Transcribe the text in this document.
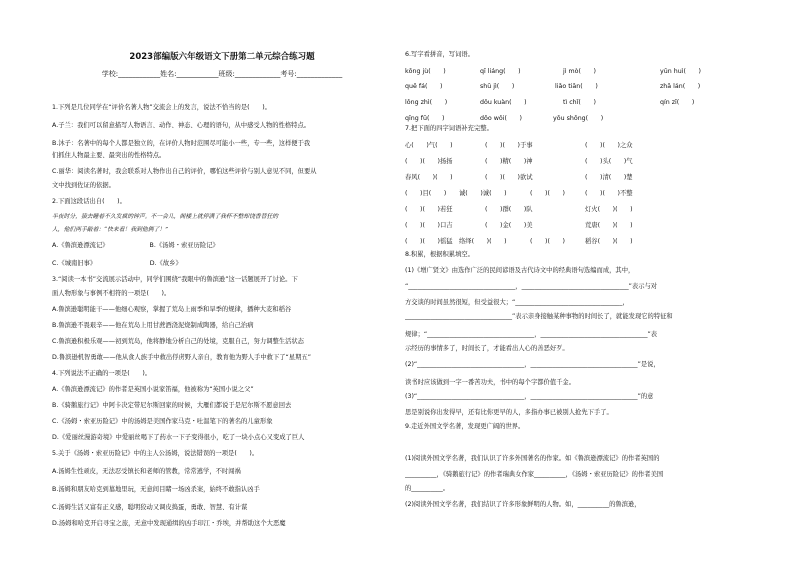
2023部编版六年级语文下册第二单元综合练习题
学校:____________姓名:____________班级:_____________考号:_____________
1.下列是几位同学在“评价名著人物”交流会上的发言，说法不恰当的是(　　)。
A.子兰：我们可以留意描写人物语言、动作、神态、心理的语句，从中感受人物的性格特点。
B.沐子：名著中的每个人都是独立的，在评价人物时范围尽可能小一些，专一些，这样便于我
们抓住人物最主要、最突出的性格特点。
C.丽华：阅读名著时，我会联系对人物作出自己的评价，哪怕这些评价与别人意见不同，但要从
文中找到佐证的依据。
2.下面这段话出自(　　)。
半夜时分，猿去睡着不久发疯的钟声。不一会儿，阁楼上就停满了我杯不整却饶香替狂的
人，他们两手敲着：“快来看！我到他俩了！”
A.《鲁滨逊漂流记》　　　　　　　B.《汤姆・索亚历险记》
C.《城南旧事》　　　　　　　　　D.《故乡》
3.“阅读一本书”交流展示活动中，同学们围绕“我眼中的鲁滨逊”这一话题展开了讨论。下
面人物形象与事例不相符的一项是(　　)。
A.鲁滨逊聪明能干——他细心观察，掌握了荒岛上雨季和旱季的规律，播种大麦和稻谷
B.鲁滨逊不畏艰辛——他在荒岛上用甘蔗酒浇泥烧制成陶器，给自己治病
C.鲁滨逊积极乐观——初到荒岛，他将静地分析自己的处境，克服自己，努力调整生活状态
D.鲁滨逊机智勇敢——他从食人族手中救出俘虏野人亲自，教育他为野人手中救下了“星期五”
4.下列说法不正确的一项是(　　)。
A.《鲁滨逊漂流记》的作者是英国小说家笛福，他被称为“英国小说之父”
B.《骑鹅旅行记》中阿卡决定带尼尔斯回家的时候，大雁们都说于是尼尔斯不愿意回去
C.《汤姆・索亚历险记》中的汤姆是美国作家马克・吐温笔下的著名的儿童形象
D.《爱丽丝漫游奇境》中爱丽丝喝下了药水一下子变得很小，吃了一块小点心又变成了巨人
5.关于《汤姆・索亚历险记》中的主人公汤姆，说法错误的一项是(　　)。
A.汤姆生性顽皮，无法忍受镇长和老师的管教，常常逃学，不时闯祸
B.汤姆和朋友哈克到墓地里玩，无意间目睹一场凶杀案，始终不敢指认凶手
C.汤姆生活又富有正义感，聪明狡动又调皮捣蛋，勇敢、智慧、有计谋
D.汤姆和哈克开启寻宝之旅，无意中发现通缉的凶手印江・乔埃，并帮助这个大恶魔
6.写字看拼音，写词语。
kōng jù(　　)	qī liáng(　　)	jì mò(　　)	yūn huì(　　)
quē fá(　　)	shū jì(　　)	liǎo tiān(　　)	zhā lán(　　)
lǒng zhì(　　)	dǒu kuàn(　　)	tì chǐ(　　)	qín zī(　　)
qīng fū(　　)	dōo wǒi(　　)	yōu shōng(　　)
7.把下面的四字词语补充完整。
心(　　)气(　　)	(　　)(　　)于事	(　　)(　　)之众
(　　)(　　)扬扬	(　　)精(　　)神	(　　)头(　　)气
春风(　　)(　　)	(　　)(　　)欲试	(　　)清(　　)楚
(　　)目(　　) 诚(　　)诚(　　)	(　　)(　　)	(　　)(　　)不整
(　　)(　　)若狂	(　　)群(　　)队	灯火(　　)(　　)
(　　)(　　)口吉	(　　)金(　　)美	荒唐(　　)(　　)
(　　)(　　)徭猛 络绎(　　)(　　)	(　　)(　　)	稻谷(　　)(　　)
8.积累，根据积累填空。
(1)《增广贤文》由选作广泛的民间谚语及古代诗文中的经典语句选编而成，其中，
“__________________________________，__________________________________”表示与对
方交谈的时间虽然很短，但受益很大；“__________________________________，
__________________________________”表示亲身接触某种事物的时间长了，就能发现它的特征和
规律；“__________________________________，__________________________________”表
示经历的事情多了，时间长了，才能看出人心的善恶好歹。
(2)“__________________________________，__________________________________”是说，
读书时应该做到一字一番苦功夫，书中的每个字都价值千金。
(3)“__________________________________，__________________________________”的意
思是别说你出发得早，还有比你更早的人，多指办事已被别人抢先下手了。
9.走近外国文学名著，发现更广阔的世界。
(1)阅读外国文学名著，我们认识了许多外国著名的作家。如《鲁滨逊漂流记》的作者英国的
__________，《骑鹅旅行记》的作者瑞典女作家__________，《汤姆・索亚历险记》的作者美国
的__________。
(2)阅读外国文学名著，我们结识了许多形象鲜明的人物。如，__________的鲁滨逊，
